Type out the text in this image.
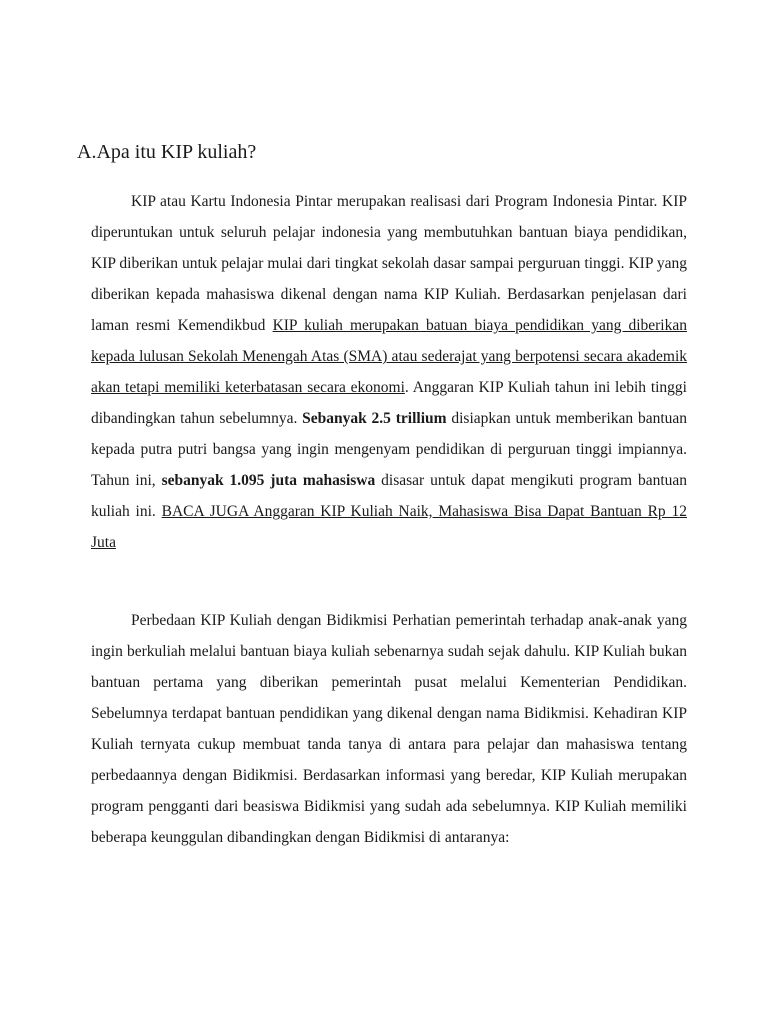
A.Apa itu KIP kuliah?

KIP atau Kartu Indonesia Pintar merupakan realisasi dari Program Indonesia Pintar. KIP diperuntukan untuk seluruh pelajar indonesia yang membutuhkan bantuan biaya pendidikan, KIP diberikan untuk pelajar mulai dari tingkat sekolah dasar sampai perguruan tinggi. KIP yang diberikan kepada mahasiswa dikenal dengan nama KIP Kuliah. Berdasarkan penjelasan dari laman resmi Kemendikbud KIP kuliah merupakan batuan biaya pendidikan yang diberikan kepada lulusan Sekolah Menengah Atas (SMA) atau sederajat yang berpotensi secara akademik akan tetapi memiliki keterbatasan secara ekonomi. Anggaran KIP Kuliah tahun ini lebih tinggi dibandingkan tahun sebelumnya. Sebanyak 2.5 trillium disiapkan untuk memberikan bantuan kepada putra putri bangsa yang ingin mengenyam pendidikan di perguruan tinggi impiannya. Tahun ini, sebanyak 1.095 juta mahasiswa disasar untuk dapat mengikuti program bantuan kuliah ini. BACA JUGA Anggaran KIP Kuliah Naik, Mahasiswa Bisa Dapat Bantuan Rp 12 Juta

Perbedaan KIP Kuliah dengan Bidikmisi Perhatian pemerintah terhadap anak-anak yang ingin berkuliah melalui bantuan biaya kuliah sebenarnya sudah sejak dahulu. KIP Kuliah bukan bantuan pertama yang diberikan pemerintah pusat melalui Kementerian Pendidikan. Sebelumnya terdapat bantuan pendidikan yang dikenal dengan nama Bidikmisi. Kehadiran KIP Kuliah ternyata cukup membuat tanda tanya di antara para pelajar dan mahasiswa tentang perbedaannya dengan Bidikmisi. Berdasarkan informasi yang beredar, KIP Kuliah merupakan program pengganti dari beasiswa Bidikmisi yang sudah ada sebelumnya. KIP Kuliah memiliki beberapa keunggulan dibandingkan dengan Bidikmisi di antaranya:
